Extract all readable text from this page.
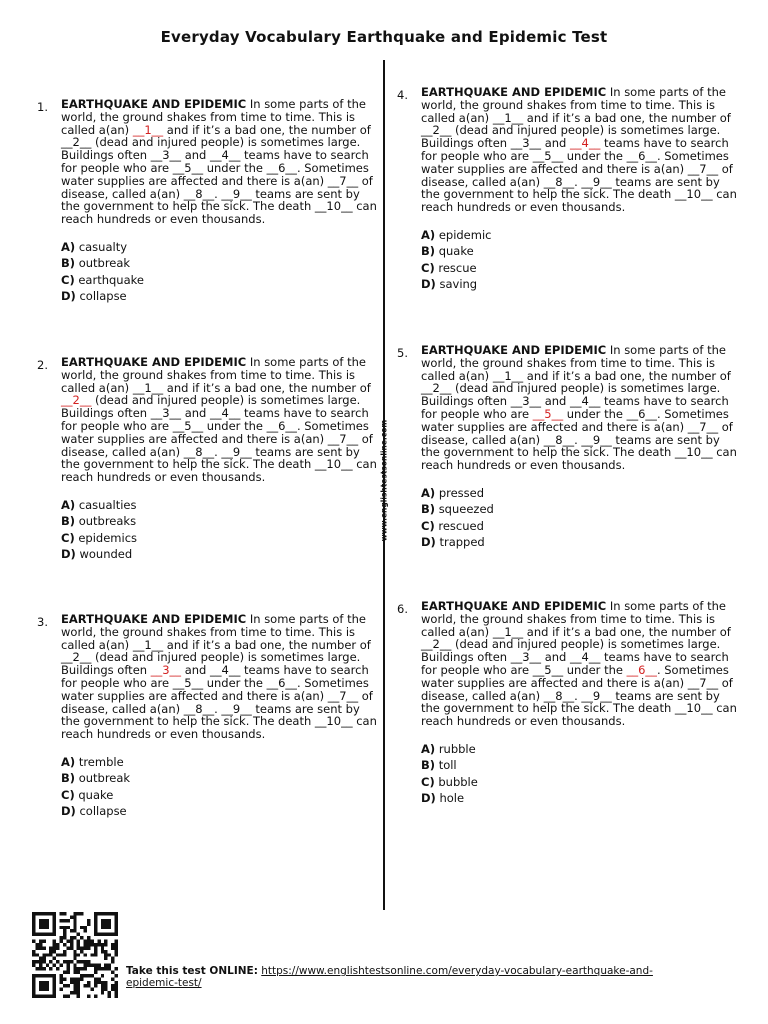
Everyday Vocabulary Earthquake and Epidemic Test
www.englishtestsonline.com
1. EARTHQUAKE AND EPIDEMIC In some parts of the world, the ground shakes from time to time. This is called a(an) __1__ and if it’s a bad one, the number of __2__ (dead and injured people) is sometimes large. Buildings often __3__ and __4__ teams have to search for people who are __5__ under the __6__. Sometimes water supplies are affected and there is a(an) __7__ of disease, called a(an) __8__. __9__ teams are sent by the government to help the sick. The death __10__ can reach hundreds or even thousands.

A) casualty
B) outbreak
C) earthquake
D) collapse
2. EARTHQUAKE AND EPIDEMIC In some parts of the world, the ground shakes from time to time. This is called a(an) __1__ and if it’s a bad one, the number of __2__ (dead and injured people) is sometimes large. Buildings often __3__ and __4__ teams have to search for people who are __5__ under the __6__. Sometimes water supplies are affected and there is a(an) __7__ of disease, called a(an) __8__. __9__ teams are sent by the government to help the sick. The death __10__ can reach hundreds or even thousands.

A) casualties
B) outbreaks
C) epidemics
D) wounded
3. EARTHQUAKE AND EPIDEMIC In some parts of the world, the ground shakes from time to time. This is called a(an) __1__ and if it’s a bad one, the number of __2__ (dead and injured people) is sometimes large. Buildings often __3__ and __4__ teams have to search for people who are __5__ under the __6__. Sometimes water supplies are affected and there is a(an) __7__ of disease, called a(an) __8__. __9__ teams are sent by the government to help the sick. The death __10__ can reach hundreds or even thousands.

A) tremble
B) outbreak
C) quake
D) collapse
4. EARTHQUAKE AND EPIDEMIC In some parts of the world, the ground shakes from time to time. This is called a(an) __1__ and if it’s a bad one, the number of __2__ (dead and injured people) is sometimes large. Buildings often __3__ and __4__ teams have to search for people who are __5__ under the __6__. Sometimes water supplies are affected and there is a(an) __7__ of disease, called a(an) __8__. __9__ teams are sent by the government to help the sick. The death __10__ can reach hundreds or even thousands.

A) epidemic
B) quake
C) rescue
D) saving
5. EARTHQUAKE AND EPIDEMIC In some parts of the world, the ground shakes from time to time. This is called a(an) __1__ and if it’s a bad one, the number of __2__ (dead and injured people) is sometimes large. Buildings often __3__ and __4__ teams have to search for people who are __5__ under the __6__. Sometimes water supplies are affected and there is a(an) __7__ of disease, called a(an) __8__. __9__ teams are sent by the government to help the sick. The death __10__ can reach hundreds or even thousands.

A) pressed
B) squeezed
C) rescued
D) trapped
6. EARTHQUAKE AND EPIDEMIC In some parts of the world, the ground shakes from time to time. This is called a(an) __1__ and if it’s a bad one, the number of __2__ (dead and injured people) is sometimes large. Buildings often __3__ and __4__ teams have to search for people who are __5__ under the __6__. Sometimes water supplies are affected and there is a(an) __7__ of disease, called a(an) __8__. __9__ teams are sent by the government to help the sick. The death __10__ can reach hundreds or even thousands.

A) rubble
B) toll
C) bubble
D) hole
Take this test ONLINE: https://www.englishtestsonline.com/everyday-vocabulary-earthquake-and-epidemic-test/
